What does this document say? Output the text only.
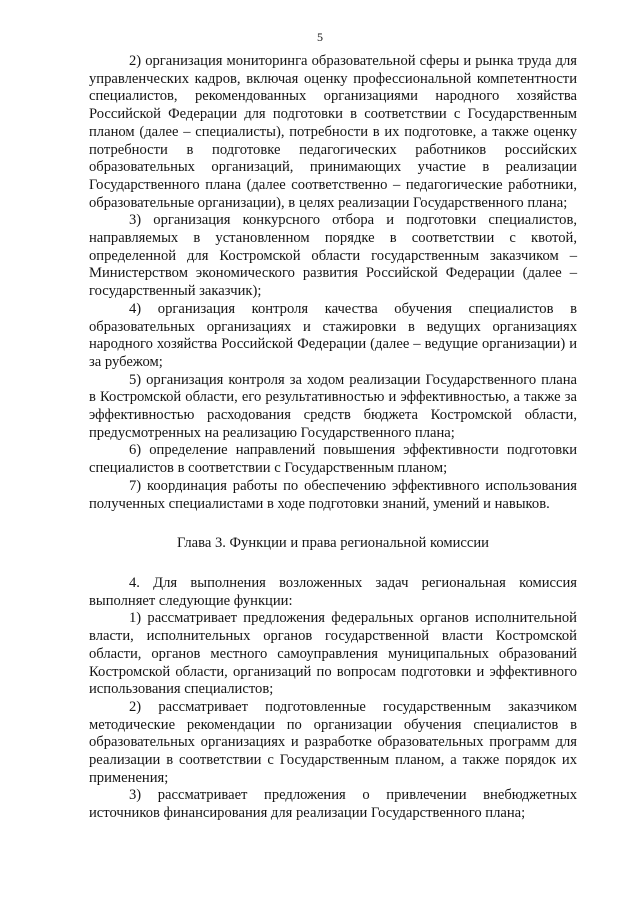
5

2) организация мониторинга образовательной сферы и рынка труда для управленческих кадров, включая оценку профессиональной компетентности специалистов, рекомендованных организациями народного хозяйства Российской Федерации для подготовки в соответствии с Государственным планом (далее – специалисты), потребности в их подготовке, а также оценку потребности в подготовке педагогических работников российских образовательных организаций, принимающих участие в реализации Государственного плана (далее соответственно – педагогические работники, образовательные организации), в целях реализации Государственного плана;

3) организация конкурсного отбора и подготовки специалистов, направляемых в установленном порядке в соответствии с квотой, определенной для Костромской области государственным заказчиком – Министерством экономического развития Российской Федерации (далее – государственный заказчик);

4) организация контроля качества обучения специалистов в образовательных организациях и стажировки в ведущих организациях народного хозяйства Российской Федерации (далее – ведущие организации) и за рубежом;

5) организация контроля за ходом реализации Государственного плана в Костромской области, его результативностью и эффективностью, а также за эффективностью расходования средств бюджета Костромской области, предусмотренных на реализацию Государственного плана;

6) определение направлений повышения эффективности подготовки специалистов в соответствии с Государственным планом;

7) координация работы по обеспечению эффективного использования полученных специалистами в ходе подготовки знаний, умений и навыков.

Глава 3. Функции и права региональной комиссии

4. Для выполнения возложенных задач региональная комиссия выполняет следующие функции:

1) рассматривает предложения федеральных органов исполнительной власти, исполнительных органов государственной власти Костромской области, органов местного самоуправления муниципальных образований Костромской области, организаций по вопросам подготовки и эффективного использования специалистов;

2) рассматривает подготовленные государственным заказчиком методические рекомендации по организации обучения специалистов в образовательных организациях и разработке образовательных программ для реализации в соответствии с Государственным планом, а также порядок их применения;

3) рассматривает предложения о привлечении внебюджетных источников финансирования для реализации Государственного плана;
